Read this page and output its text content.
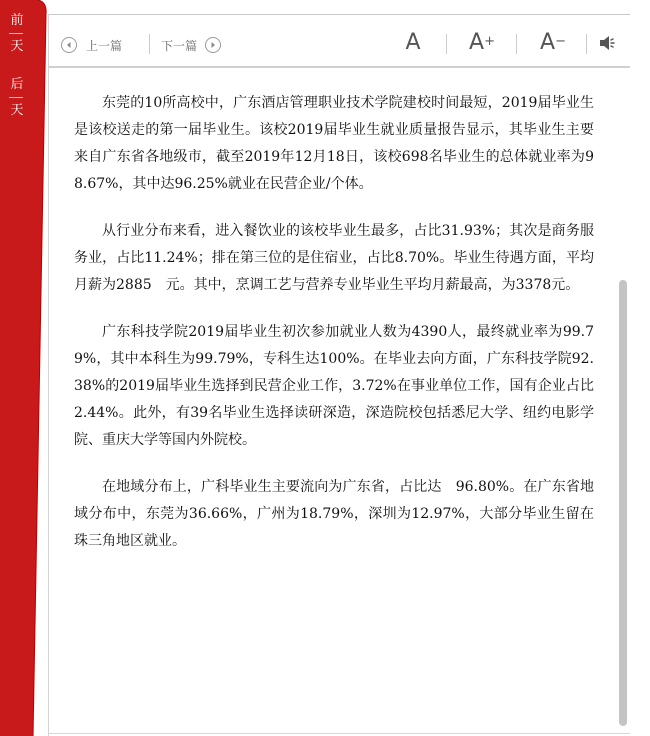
前
天
后
天
上一篇	下一篇	A A+ A−

东莞的10所高校中，广东酒店管理职业技术学院建校时间最短，2019届毕业生是该校送走的第一届毕业生。该校2019届毕业生就业质量报告显示，其毕业生主要来自广东省各地级市，截至2019年12月18日，该校698名毕业生的总体就业率为98.67%，其中达96.25%就业在民营企业/个体。

从行业分布来看，进入餐饮业的该校毕业生最多，占比31.93%；其次是商务服务业，占比11.24%；排在第三位的是住宿业，占比8.70%。毕业生待遇方面，平均月薪为2885　元。其中，烹调工艺与营养专业毕业生平均月薪最高，为3378元。

广东科技学院2019届毕业生初次参加就业人数为4390人，最终就业率为99.79%，其中本科生为99.79%，专科生达100%。在毕业去向方面，广东科技学院92.38%的2019届毕业生选择到民营企业工作，3.72%在事业单位工作，国有企业占比2.44%。此外，有39名毕业生选择读研深造，深造院校包括悉尼大学、纽约电影学院、重庆大学等国内外院校。

在地域分布上，广科毕业生主要流向为广东省，占比达　96.80%。在广东省地域分布中，东莞为36.66%，广州为18.79%，深圳为12.97%，大部分毕业生留在珠三角地区就业。
